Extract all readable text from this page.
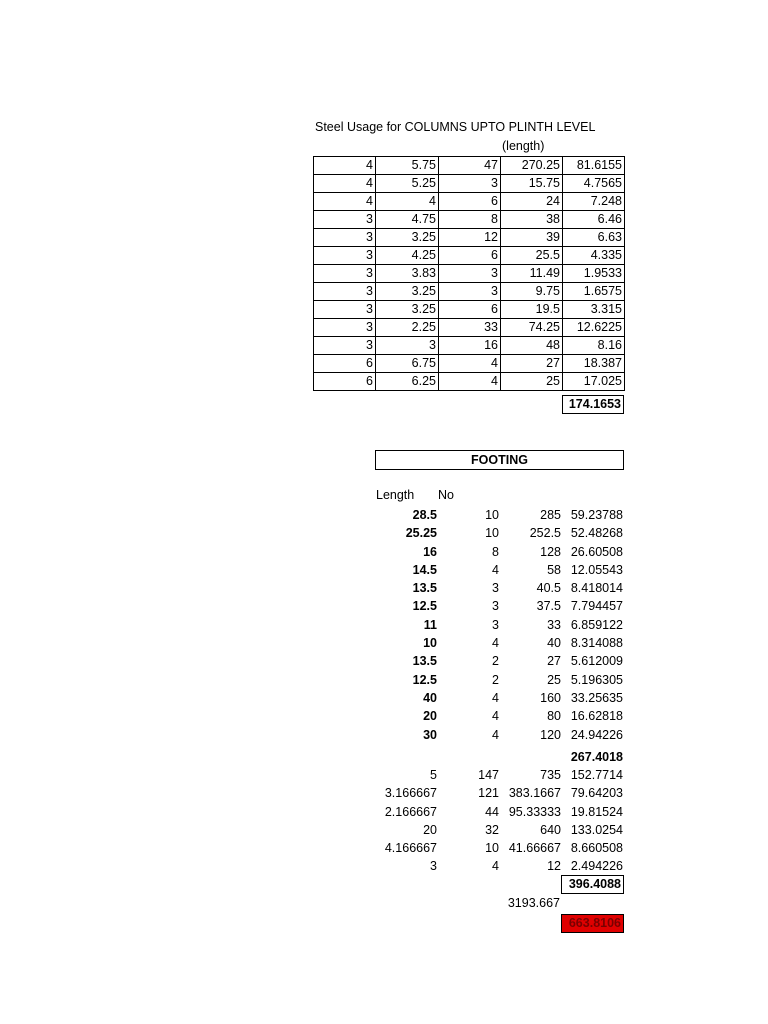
Steel Usage for COLUMNS UPTO PLINTH LEVEL
(length)
4	5.75	47	270.25	81.6155
4	5.25	3	15.75	4.7565
4	4	6	24	7.248
3	4.75	8	38	6.46
3	3.25	12	39	6.63
3	4.25	6	25.5	4.335
3	3.83	3	11.49	1.9533
3	3.25	3	9.75	1.6575
3	3.25	6	19.5	3.315
3	2.25	33	74.25	12.6225
3	3	16	48	8.16
6	6.75	4	27	18.387
6	6.25	4	25	17.025
174.1653
FOOTING
Length No
28.5	10	285 59.23788
25.25	10	252.5 52.48268
16	8	128 26.60508
14.5	4	58 12.05543
13.5	3	40.5 8.418014
12.5	3	37.5 7.794457
11	3	33 6.859122
10	4	40 8.314088
13.5	2	27 5.612009
12.5	2	25 5.196305
40	4	160 33.25635
20	4	80 16.62818
30	4	120 24.94226
267.4018
5	147	735 152.7714
3.166667	121 383.1667 79.64203
2.166667	44 95.33333 19.81524
20	32	640 133.0254
4.166667	10 41.66667 8.660508
3	4	12 2.494226
396.4088
3193.667
663.8106
